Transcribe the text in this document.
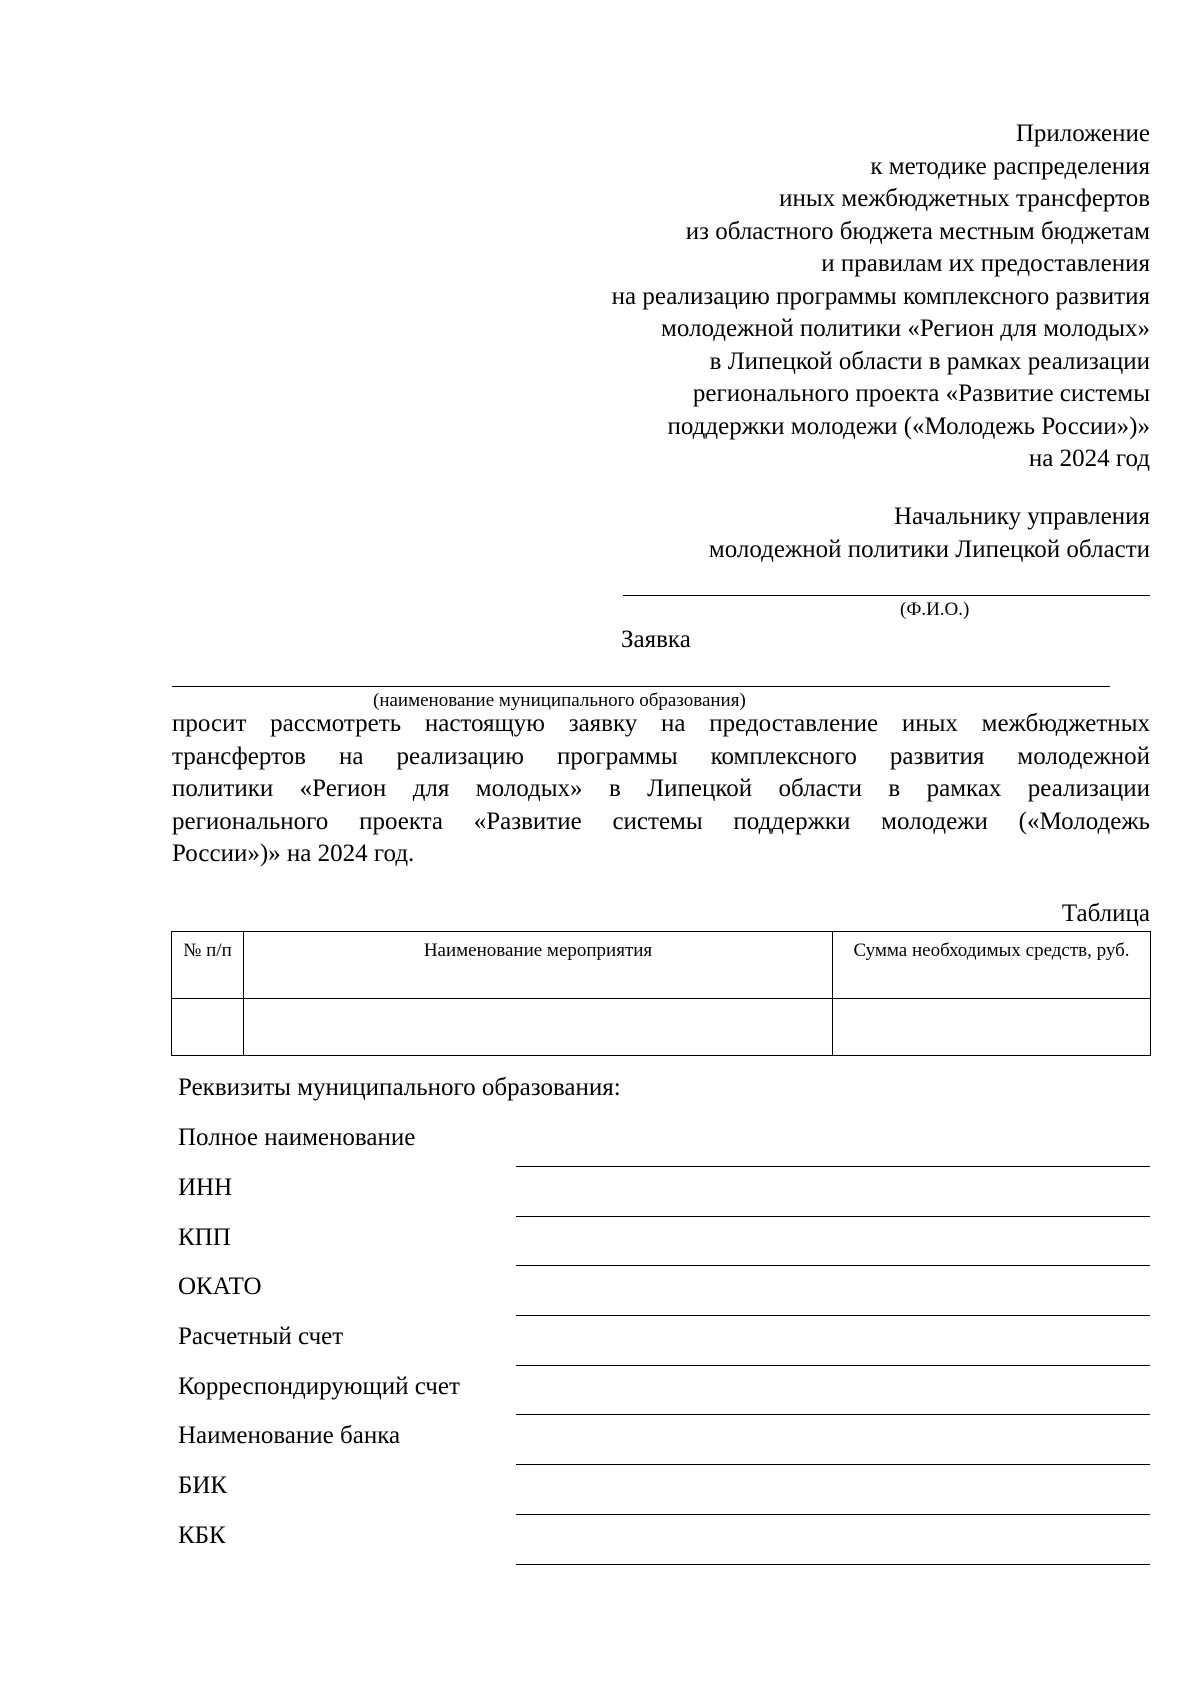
Приложение
к методике распределения
иных межбюджетных трансфертов
из областного бюджета местным бюджетам
и правилам их предоставления
на реализацию программы комплексного развития
молодежной политики «Регион для молодых»
в Липецкой области в рамках реализации
регионального проекта «Развитие системы
поддержки молодежи («Молодежь России»)»
на 2024 год
Начальнику управления
молодежной политики Липецкой области
(Ф.И.О.)
Заявка
(наименование муниципального образования)
просит рассмотреть настоящую заявку на предоставление иных межбюджетных
трансфертов на реализацию программы комплексного развития молодежной
политики «Регион для молодых» в Липецкой области в рамках реализации
регионального проекта «Развитие системы поддержки молодежи («Молодежь
России»)» на 2024 год.
Таблица
№ п/п	Наименование мероприятия	Сумма необходимых средств, руб.

Реквизиты муниципального образования:
Полное наименование
ИНН
КПП
ОКАТО
Расчетный счет
Корреспондирующий счет
Наименование банка
БИК
КБК
